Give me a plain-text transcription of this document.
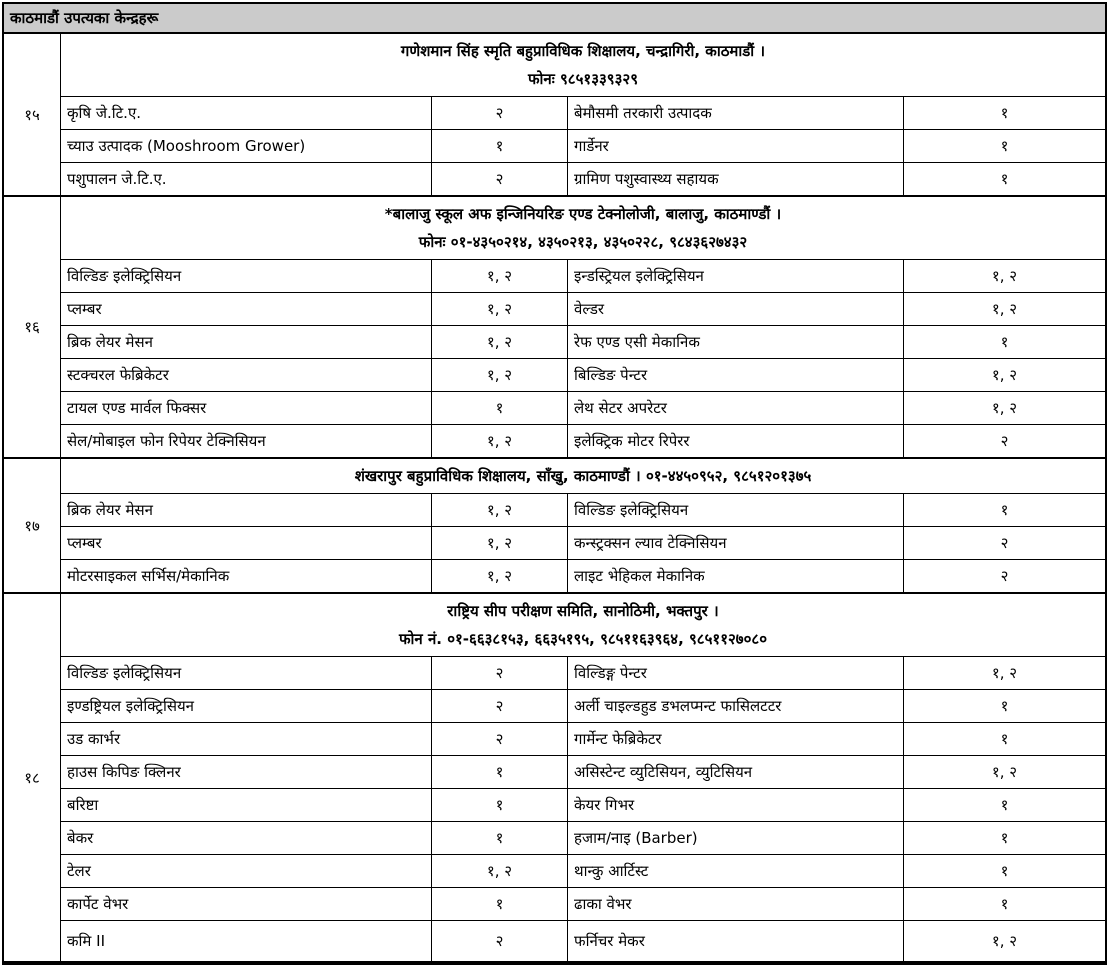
काठमाडौं उपत्यका केन्द्रहरू
१५
गणेशमान सिंह स्मृति बहुप्राविधिक शिक्षालय, चन्द्रागिरी, काठमाडौं ।
फोनः ९८५१३३९३२९
कृषि जे.टि.ए.	२	बेमौसमी तरकारी उत्पादक	१
च्याउ उत्पादक (Mooshroom Grower)	१	गार्डेनर	१
पशुपालन जे.टि.ए.	२	ग्रामिण पशुस्वास्थ्य सहायक	१
१६
*बालाजु स्कूल अफ इन्जिनियरिङ एण्ड टेक्नोलोजी, बालाजु, काठमाण्डौं ।
फोनः ०१-४३५०२१४, ४३५०२१३, ४३५०२२८, ९८४३६२७४३२
विल्डिङ इलेक्ट्रिसियन	१, २	इन्डस्ट्रियल इलेक्ट्रिसियन	१, २
प्लम्बर	१, २	वेल्डर	१, २
ब्रिक लेयर मेसन	१, २	रेफ एण्ड एसी मेकानिक	१
स्टक्चरल फेब्रिकेटर	१, २	बिल्डिङ पेन्टर	१, २
टायल एण्ड मार्वल फिक्सर	१	लेथ सेटर अपरेटर	१, २
सेल/मोबाइल फोन रिपेयर टेक्निसियन	१, २	इलेक्ट्रिक मोटर रिपेरर	२
१७
शंखरापुर बहुप्राविधिक शिक्षालय, साँखु, काठमाण्डौं । ०१-४४५०९५२, ९८५१२०१३७५
ब्रिक लेयर मेसन	१, २	विल्डिङ इलेक्ट्रिसियन	१
प्लम्बर	१, २	कन्स्ट्रक्सन ल्याव टेक्निसियन	२
मोटरसाइकल सर्भिस/मेकानिक	१, २	लाइट भेहिकल मेकानिक	२
१८
राष्ट्रिय सीप परीक्षण समिति, सानोठिमी, भक्तपुर ।
फोन नं. ०१-६६३८१५३, ६६३५१९५, ९८५११६३९६४, ९८५११२७०८०
विल्डिङ इलेक्ट्रिसियन	२	विल्डिङ्ग पेन्टर	१, २
इण्डष्ट्रियल इलेक्ट्रिसियन	२	अर्ली चाइल्डहुड डभलप्मन्ट फासिलटटर	१
उड कार्भर	२	गार्मेन्ट फेब्रिकेटर	१
हाउस किपिङ क्लिनर	१	असिस्टेन्ट व्युटिसियन, व्युटिसियन	१, २
बरिष्टा	१	केयर गिभर	१
बेकर	१	हजाम/नाइ (Barber)	१
टेलर	१, २	थान्कु आर्टिस्ट	१
कार्पेट वेभर	१	ढाका वेभर	१
कमि II	२	फर्निचर मेकर	१, २
